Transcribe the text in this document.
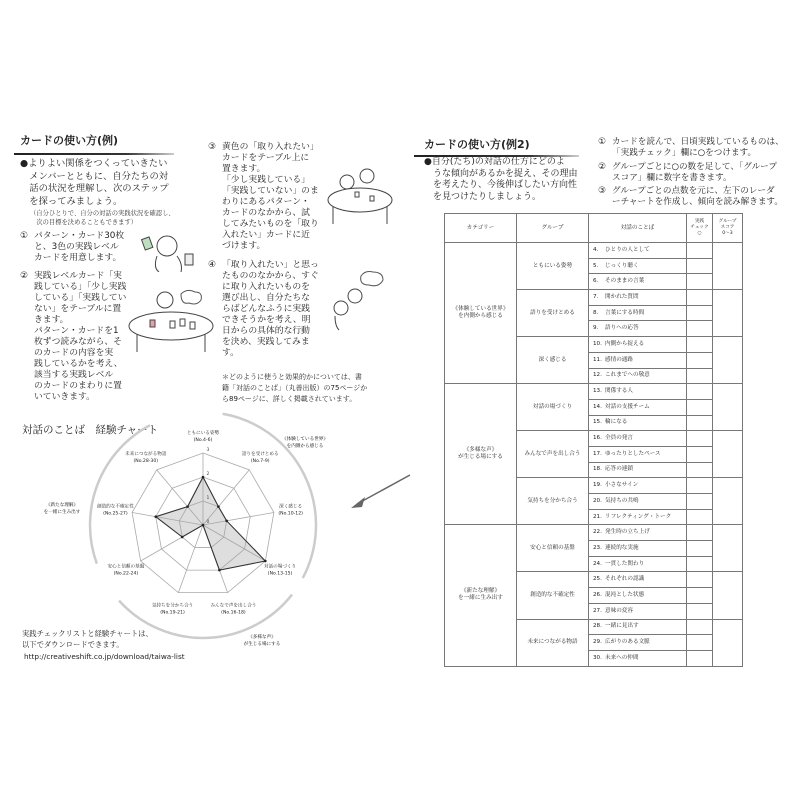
カードの使い方(例)
●よりよい関係をつくっていきたい
　メンバーとともに、自分たちの対
　話の状況を理解し、次のステップ
　を探ってみましょう。
（自分ひとりで、自分の対話の実践状況を確認し、
　次の目標を決めることもできます）
① パターン・カード30枚
と、3色の実践レベル
カードを用意します。
② 実践レベルカード「実
践している」「少し実践
している」「実践してい
ない」をテーブルに置
きます。
パターン・カードを1
枚ずつ読みながら、そ
のカードの内容を実
践しているかを考え、
該当する実践レベル
のカードのまわりに置
いていきます。
③ 黄色の「取り入れたい」
カードをテーブル上に
置きます。
「少し実践している」
「実践していない」のま
わりにあるパターン・
カードのなかから、試
してみたいものを「取り
入れたい」カードに近
づけます。
④ 「取り入れたい」と思っ
たもののなかから、すぐ
に取り入れたいものを
選び出し、自分たちな
らばどんなふうに実践
できそうかを考え、明
日からの具体的な行動
を決め、実践してみま
す。
＊どのように使うと効果的かについては、書
籍「対話のことば」（丸善出版）の75ページか
ら89ページに、詳しく掲載されています。
対話のことば　経験チャート
0
1
2
3
ともにいる姿勢
(No.4-6)
語りを受けとめる
(No.7-9)
深く感じる
(No.10-12)
対話の場づくり
(No.13-15)
みんなで声を出し合う
(No.16-18)
気持ちを分かち合う
(No.19-21)
安心と信頼の基盤
(No.22-24)
創造的な不確定性
(No.25-27)
未来につながる物語
(No.28-30)
《体験している世界》
を内側から感じる
《多様な声》
が生じる場にする
《新たな理解》
を一緒に生み出す
実践チェックリストと経験チャートは、
以下でダウンロードできます。
http://creativeshift.co.jp/download/taiwa-list
カードの使い方(例2)
●自分(たち)の対話の仕方にどのよ
　うな傾向があるかを捉え、その理由
　を考えたり、今後伸ばしたい方向性
　を見つけたりしましょう。
① カードを読んで、日頃実践しているものは、
「実践チェック」欄に○をつけます。
② グループごとに○の数を足して、「グループ
スコア」欄に数字を書きます。
③ グループごとの点数を元に、左下のレーダ
ーチャートを作成し、傾向を読み解きます。
カテゴリー	グループ	対話のことば	実践
チェック
○	グループ
スコア
0〜3
《体験している世界》
を内側から感じる	ともにいる姿勢	4. ひとりの人として		
		5. じっくり聴く		
		6. そのままの言葉		
	語りを受けとめる	7. 開かれた質問		
		8. 言葉にする時間		
		9. 語りへの応答		
	深く感じる	10. 内側から捉える		
		11. 感情の通路		
		12. これまでへの敬意		
《多様な声》
が生じる場にする	対話の場づくり	13. 関係する人		
		14. 対話の支援チーム		
		15. 輪になる		
	みんなで声を出し合う	16. 全員の発言		
		17. ゆったりとしたペース		
		18. 応答の連鎖		
	気持ちを分かち合う	19. 小さなサイン		
		20. 気持ちの共鳴		
		21. リフレクティング・トーク		
《新たな理解》
を一緒に生み出す	安心と信頼の基盤	22. 発生時の立ち上げ		
		23. 連続的な実施		
		24. 一貫した関わり		
	創造的な不確定性	25. それぞれの認識		
		26. 混沌とした状態		
		27. 意味の変容		
	未来につながる物語	28. 一緒に見出す		
		29. 広がりのある文脈		
		30. 未来への仲間		
